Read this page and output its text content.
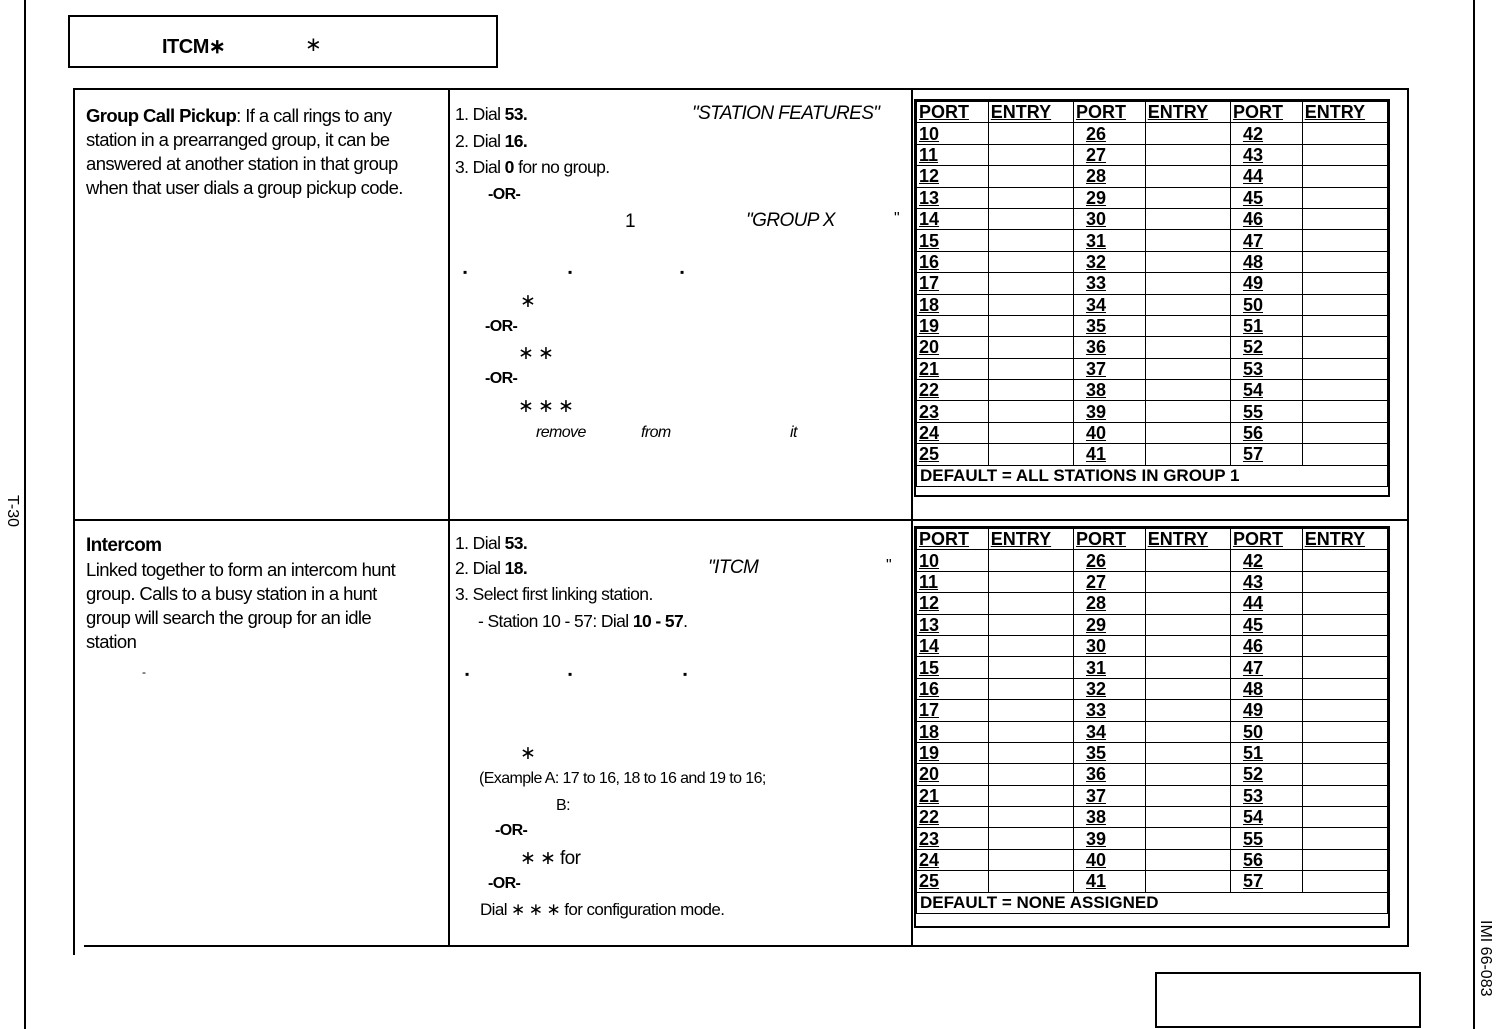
ITCM∗	∗
T-30
IMI 66-083
Group Call Pickup: If a call rings to any
station in a prearranged group, it can be
answered at another station in that group
when that user dials a group pickup code.
1. Dial 53.	"STATION FEATURES"
2. Dial 16.
3. Dial 0 for no group.
-OR-
1	"GROUP X	"
▪	▪	▪
∗
-OR-
∗ ∗
-OR-
∗ ∗ ∗
remove	from	it
PORT	ENTRY	PORT	ENTRY	PORT	ENTRY
10		26		42	
11		27		43	
12		28		44	
13		29		45	
14		30		46	
15		31		47	
16		32		48	
17		33		49	
18		34		50	
19		35		51	
20		36		52	
21		37		53	
22		38		54	
23		39		55	
24		40		56	
25		41		57	
DEFAULT = ALL STATIONS IN GROUP 1					
Intercom
Linked together to form an intercom hunt
group. Calls to a busy station in a hunt
group will search the group for an idle
station
-
1. Dial 53.
2. Dial 18.	"ITCM	"
3. Select first linking station.
- Station 10 - 57: Dial 10 - 57.
▪	▪	▪
∗
(Example A: 17 to 16, 18 to 16 and 19 to 16;
B:
-OR-
∗ ∗ for
-OR-
Dial ∗ ∗ ∗ for configuration mode.
PORT	ENTRY	PORT	ENTRY	PORT	ENTRY
10		26		42	
11		27		43	
12		28		44	
13		29		45	
14		30		46	
15		31		47	
16		32		48	
17		33		49	
18		34		50	
19		35		51	
20		36		52	
21		37		53	
22		38		54	
23		39		55	
24		40		56	
25		41		57	
DEFAULT = NONE ASSIGNED					
